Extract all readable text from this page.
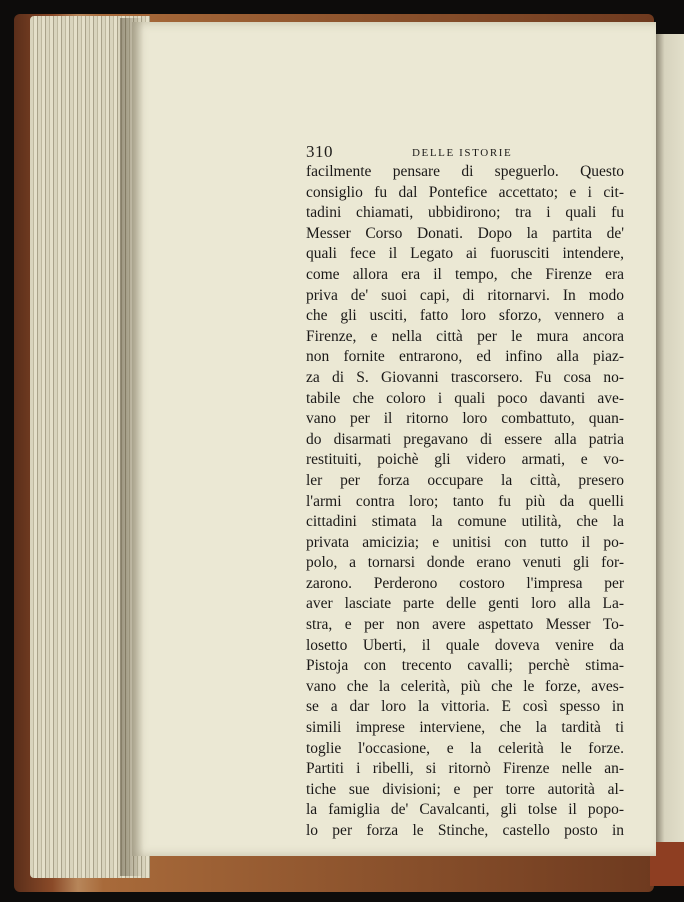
310	DELLE ISTORIE
facilmente pensare di speguerlo. Questo
consiglio fu dal Pontefice accettato; e i cit-
tadini chiamati, ubbidirono; tra i quali fu
Messer Corso Donati. Dopo la partita de'
quali fece il Legato ai fuorusciti intendere,
come allora era il tempo, che Firenze era
priva de' suoi capi, di ritornarvi. In modo
che gli usciti, fatto loro sforzo, vennero a
Firenze, e nella città per le mura ancora
non fornite entrarono, ed infino alla piaz-
za di S. Giovanni trascorsero. Fu cosa no-
tabile che coloro i quali poco davanti ave-
vano per il ritorno loro combattuto, quan-
do disarmati pregavano di essere alla patria
restituiti, poichè gli videro armati, e vo-
ler per forza occupare la città, presero
l'armi contra loro; tanto fu più da quelli
cittadini stimata la comune utilità, che la
privata amicizia; e unitisi con tutto il po-
polo, a tornarsi donde erano venuti gli for-
zarono. Perderono costoro l'impresa per
aver lasciate parte delle genti loro alla La-
stra, e per non avere aspettato Messer To-
losetto Uberti, il quale doveva venire da
Pistoja con trecento cavalli; perchè stima-
vano che la celerità, più che le forze, aves-
se a dar loro la vittoria. E così spesso in
simili imprese interviene, che la tardità ti
toglie l'occasione, e la celerità le forze.
Partiti i ribelli, si ritornò Firenze nelle an-
tiche sue divisioni; e per torre autorità al-
la famiglia de' Cavalcanti, gli tolse il popo-
lo per forza le Stinche, castello posto in
